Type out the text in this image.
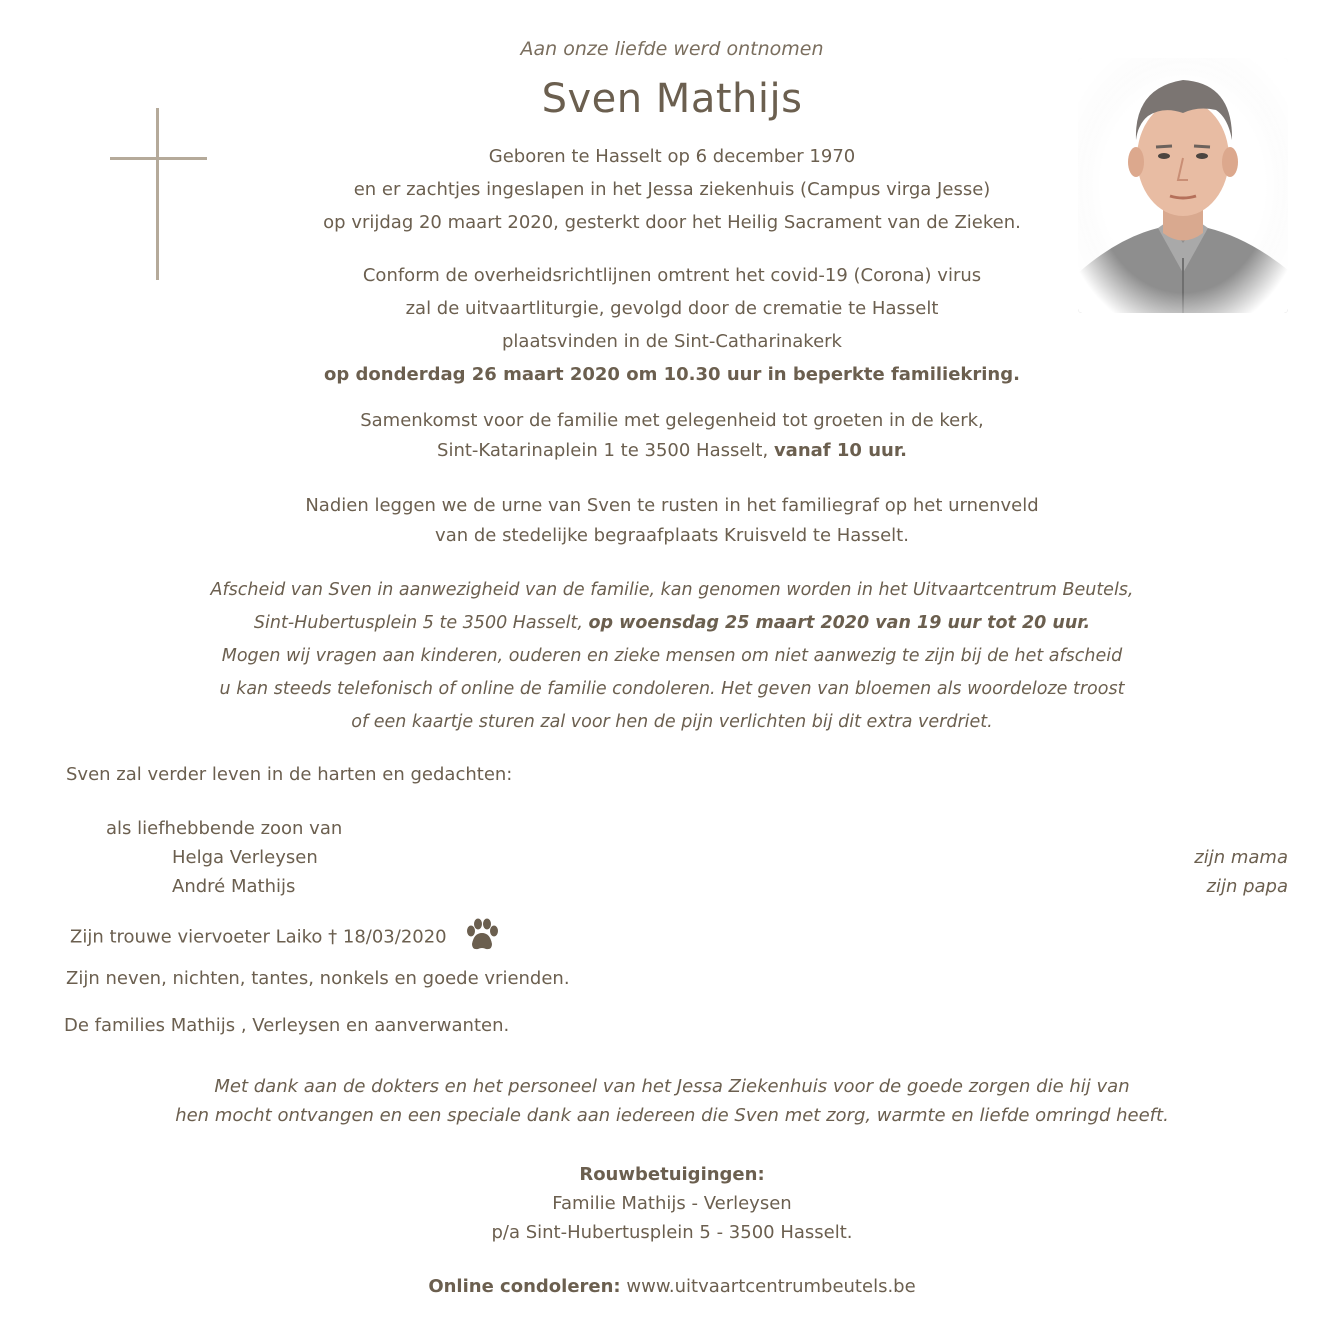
Aan onze liefde werd ontnomen
Sven Mathijs
Geboren te Hasselt op 6 december 1970
en er zachtjes ingeslapen in het Jessa ziekenhuis (Campus virga Jesse)
op vrijdag 20 maart 2020, gesterkt door het Heilig Sacrament van de Zieken.
Conform de overheidsrichtlijnen omtrent het covid-19 (Corona) virus
zal de uitvaartliturgie, gevolgd door de crematie te Hasselt
plaatsvinden in de Sint-Catharinakerk
op donderdag 26 maart 2020 om 10.30 uur in beperkte familiekring.
Samenkomst voor de familie met gelegenheid tot groeten in de kerk,
Sint-Katarinaplein 1 te 3500 Hasselt, vanaf 10 uur.
Nadien leggen we de urne van Sven te rusten in het familiegraf op het urnenveld
van de stedelijke begraafplaats Kruisveld te Hasselt.
Afscheid van Sven in aanwezigheid van de familie, kan genomen worden in het Uitvaartcentrum Beutels,
Sint-Hubertusplein 5 te 3500 Hasselt, op woensdag 25 maart 2020 van 19 uur tot 20 uur.
Mogen wij vragen aan kinderen, ouderen en zieke mensen om niet aanwezig te zijn bij de het afscheid
u kan steeds telefonisch of online de familie condoleren. Het geven van bloemen als woordeloze troost
of een kaartje sturen zal voor hen de pijn verlichten bij dit extra verdriet.
Sven zal verder leven in de harten en gedachten:
als liefhebbende zoon van
Helga Verleysen	zijn mama
André Mathijs	zijn papa
Zijn trouwe viervoeter Laiko † 18/03/2020
Zijn neven, nichten, tantes, nonkels en goede vrienden.
De families Mathijs , Verleysen en aanverwanten.
Met dank aan de dokters en het personeel van het Jessa Ziekenhuis voor de goede zorgen die hij van
hen mocht ontvangen en een speciale dank aan iedereen die Sven met zorg, warmte en liefde omringd heeft.
Rouwbetuigingen:
Familie Mathijs - Verleysen
p/a Sint-Hubertusplein 5 - 3500 Hasselt.
Online condoleren: www.uitvaartcentrumbeutels.be
